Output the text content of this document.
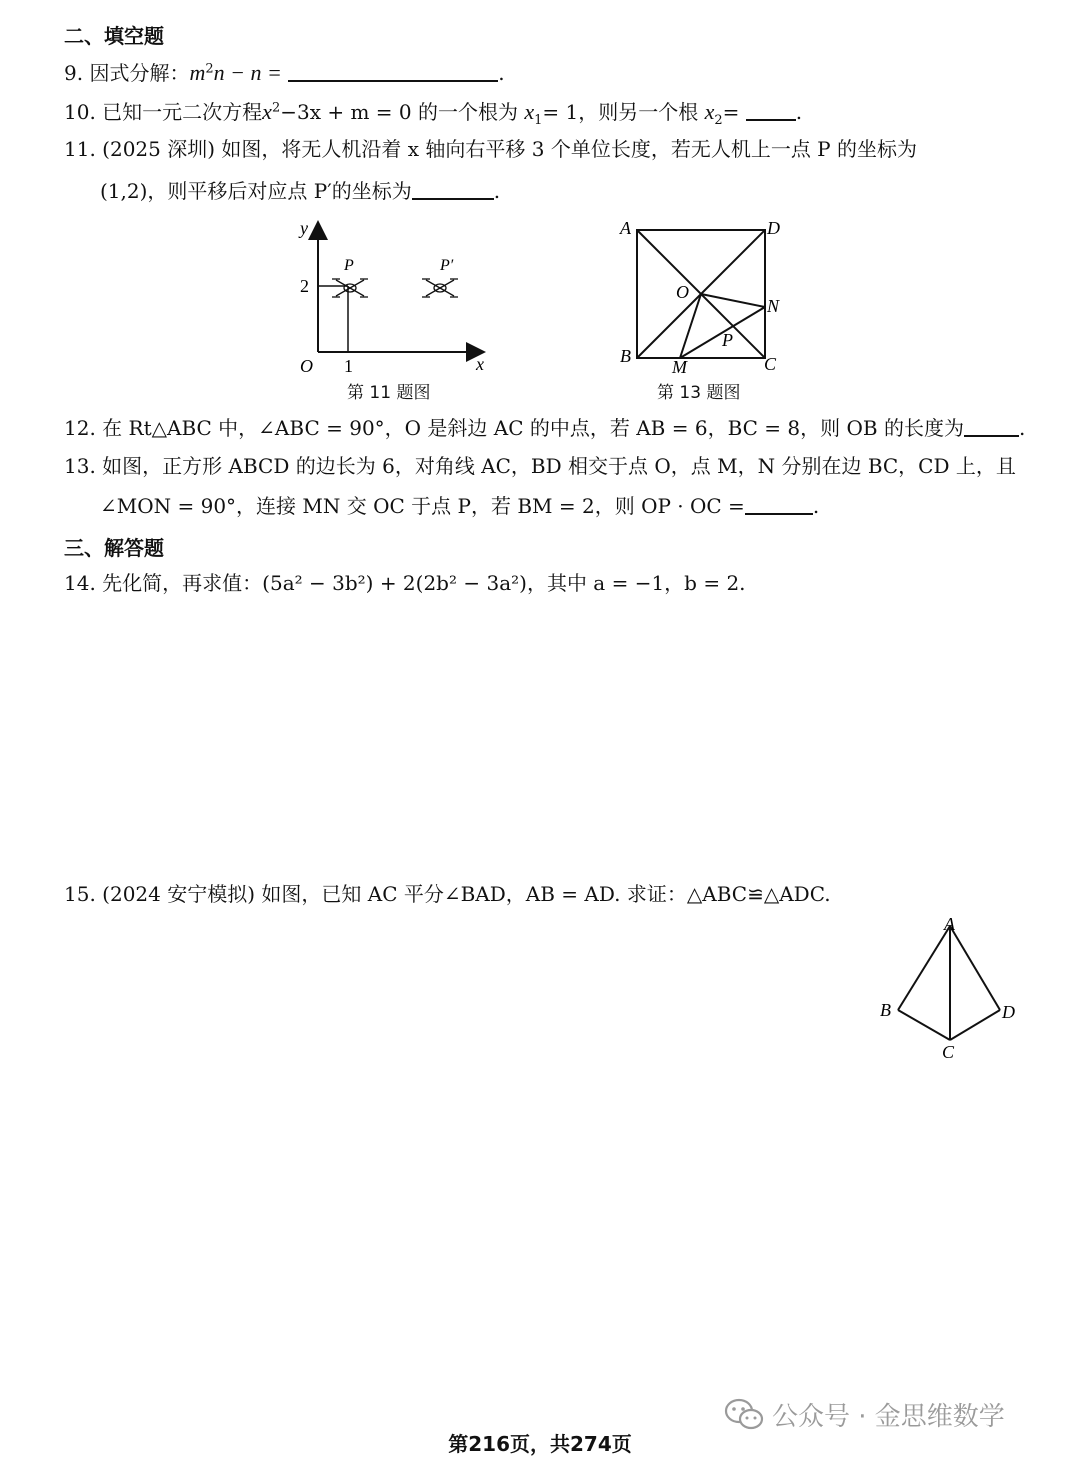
二、填空题
9. 因式分解：$m^2n - n$ =	.
10. 已知一元二次方程$x^2-3x + m = 0$ 的一个根为 $x_1= 1$，则另一个根 $x_2=$	.
11. (2025 深圳) 如图，将无人机沿着 x 轴向右平移 3 个单位长度，若无人机上一点 P 的坐标为
(1,2)，则平移后对应点 P′的坐标为	.
y
x
O
2
1
P	P′
第 11 题图
A	D
B	C
O
N
P
M
第 13 题图
12. 在 Rt△ABC 中，∠ABC = 90°，O 是斜边 AC 的中点，若 AB = 6，BC = 8，则 OB 的长度为	.
13. 如图，正方形 ABCD 的边长为 6，对角线 AC，BD 相交于点 O，点 M，N 分别在边 BC，CD 上，且
∠MON = 90°，连接 MN 交 OC 于点 P，若 BM = 2，则 OP · OC =	.
三、解答题
14. 先化简，再求值：(5a² − 3b²) + 2(2b² − 3a²)，其中 a = −1，b = 2.
15. (2024 安宁模拟) 如图，已知 AC 平分∠BAD，AB = AD. 求证：△ABC≌△ADC.
A
B	D
C
公众号 · 金思维数学
第216页，共274页
